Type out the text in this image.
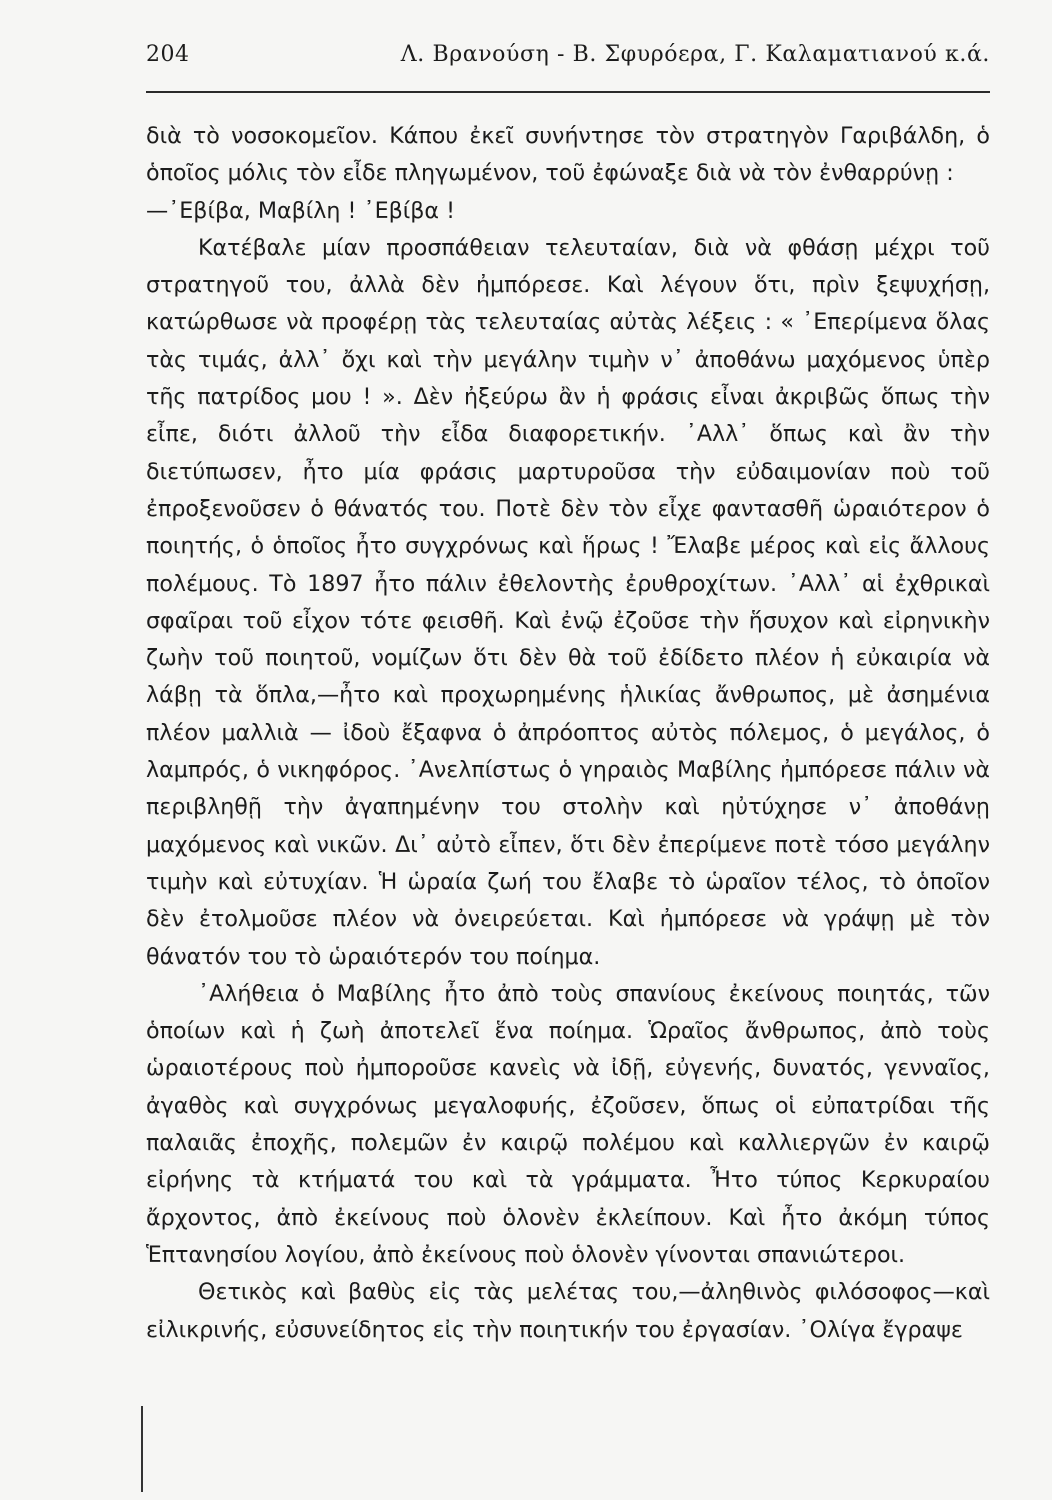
204	Λ. Βρανούση - Β. Σφυρόερα, Γ. Καλαματιανού κ.ά.

διὰ τὸ νοσοκομεῖον. Κάπου ἐκεῖ συνήντησε τὸν στρατηγὸν Γαριβάλδη, ὁ ὁποῖος μόλις τὸν εἶδε πληγωμένον, τοῦ ἐφώναξε διὰ νὰ τὸν ἐνθαρρύνῃ :

—᾿Εβίβα, Μαβίλη ! ᾿Εβίβα !

Κατέβαλε μίαν προσπάθειαν τελευταίαν, διὰ νὰ φθάσῃ μέχρι τοῦ στρατηγοῦ του, ἀλλὰ δὲν ἠμπόρεσε. Καὶ λέγουν ὅτι, πρὶν ξεψυχήσῃ, κατώρθωσε νὰ προφέρῃ τὰς τελευταίας αὐτὰς λέξεις : « ᾿Επερίμενα ὅλας τὰς τιμάς, ἀλλ᾿ ὄχι καὶ τὴν μεγάλην τιμὴν ν᾿ ἀποθάνω μαχόμενος ὑπὲρ τῆς πατρίδος μου ! ». Δὲν ἠξεύρω ἂν ἡ φράσις εἶναι ἀκριβῶς ὅπως τὴν εἶπε, διότι ἀλλοῦ τὴν εἶδα διαφορετικήν. ᾿Αλλ᾿ ὅπως καὶ ἂν τὴν διετύπωσεν, ἦτο μία φράσις μαρτυροῦσα τὴν εὐδαιμονίαν ποὺ τοῦ ἐπροξενοῦσεν ὁ θάνατός του. Ποτὲ δὲν τὸν εἶχε φαντασθῆ ὡραιότερον ὁ ποιητής, ὁ ὁποῖος ἦτο συγχρόνως καὶ ἥρως ! Ἔλαβε μέρος καὶ εἰς ἄλλους πολέμους. Τὸ 1897 ἦτο πάλιν ἐθελοντὴς ἐρυθροχίτων. ᾿Αλλ᾿ αἱ ἐχθρικαὶ σφαῖραι τοῦ εἶχον τότε φεισθῆ. Καὶ ἐνῷ ἐζοῦσε τὴν ἥσυχον καὶ εἰρηνικὴν ζωὴν τοῦ ποιητοῦ, νομίζων ὅτι δὲν θὰ τοῦ ἐδίδετο πλέον ἡ εὐκαιρία νὰ λάβῃ τὰ ὅπλα,—ἦτο καὶ προχωρημένης ἡλικίας ἄνθρωπος, μὲ ἀσημένια πλέον μαλλιὰ — ἰδοὺ ἔξαφνα ὁ ἀπρόοπτος αὐτὸς πόλεμος, ὁ μεγάλος, ὁ λαμπρός, ὁ νικηφόρος. ᾿Ανελπίστως ὁ γηραιὸς Μαβίλης ἠμπόρεσε πάλιν νὰ περιβληθῇ τὴν ἀγαπημένην του στολὴν καὶ ηὐτύχησε ν᾿ ἀποθάνῃ μαχόμενος καὶ νικῶν. Δι᾿ αὐτὸ εἶπεν, ὅτι δὲν ἐπερίμενε ποτὲ τόσο μεγάλην τιμὴν καὶ εὐτυχίαν. Ἡ ὡραία ζωή του ἔλαβε τὸ ὡραῖον τέλος, τὸ ὁποῖον δὲν ἐτολμοῦσε πλέον νὰ ὀνειρεύεται. Καὶ ἠμπόρεσε νὰ γράψῃ μὲ τὸν θάνατόν του τὸ ὡραιότερόν του ποίημα.

᾿Αλήθεια ὁ Μαβίλης ἦτο ἀπὸ τοὺς σπανίους ἐκείνους ποιητάς, τῶν ὁποίων καὶ ἡ ζωὴ ἀποτελεῖ ἕνα ποίημα. Ὡραῖος ἄνθρωπος, ἀπὸ τοὺς ὡραιοτέρους ποὺ ἠμποροῦσε κανεὶς νὰ ἰδῇ, εὐγενής, δυνατός, γενναῖος, ἀγαθὸς καὶ συγχρόνως μεγαλοφυής, ἐζοῦσεν, ὅπως οἱ εὐπατρίδαι τῆς παλαιᾶς ἐποχῆς, πολεμῶν ἐν καιρῷ πολέμου καὶ καλλιεργῶν ἐν καιρῷ εἰρήνης τὰ κτήματά του καὶ τὰ γράμματα. Ἦτο τύπος Κερκυραίου ἄρχοντος, ἀπὸ ἐκείνους ποὺ ὁλονὲν ἐκλείπουν. Καὶ ἦτο ἀκόμη τύπος Ἑπτανησίου λογίου, ἀπὸ ἐκείνους ποὺ ὁλονὲν γίνονται σπανιώτεροι.

Θετικὸς καὶ βαθὺς εἰς τὰς μελέτας του,—ἀληθινὸς φιλόσοφος—καὶ εἰλικρινής, εὐσυνείδητος εἰς τὴν ποιητικήν του ἐργασίαν. ᾿Ολίγα ἔγραψε
